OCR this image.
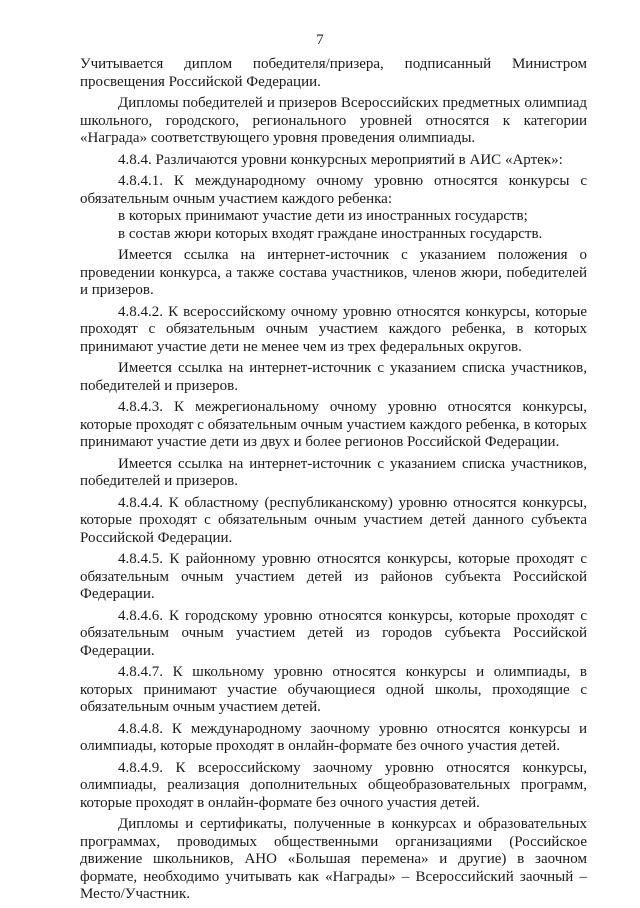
7

Учитывается диплом победителя/призера, подписанный Министром просвещения Российской Федерации.

Дипломы победителей и призеров Всероссийских предметных олимпиад школьного, городского, регионального уровней относятся к категории «Награда» соответствующего уровня проведения олимпиады.

4.8.4. Различаются уровни конкурсных мероприятий в АИС «Артек»:

4.8.4.1. К международному очному уровню относятся конкурсы с обязательным очным участием каждого ребенка:

в которых принимают участие дети из иностранных государств;

в состав жюри которых входят граждане иностранных государств.

Имеется ссылка на интернет-источник с указанием положения о проведении конкурса, а также состава участников, членов жюри, победителей и призеров.

4.8.4.2. К всероссийскому очному уровню относятся конкурсы, которые проходят с обязательным очным участием каждого ребенка, в которых принимают участие дети не менее чем из трех федеральных округов.

Имеется ссылка на интернет-источник с указанием списка участников, победителей и призеров.

4.8.4.3. К межрегиональному очному уровню относятся конкурсы, которые проходят с обязательным очным участием каждого ребенка, в которых принимают участие дети из двух и более регионов Российской Федерации.

Имеется ссылка на интернет-источник с указанием списка участников, победителей и призеров.

4.8.4.4. К областному (республиканскому) уровню относятся конкурсы, которые проходят с обязательным очным участием детей данного субъекта Российской Федерации.

4.8.4.5. К районному уровню относятся конкурсы, которые проходят с обязательным очным участием детей из районов субъекта Российской Федерации.

4.8.4.6. К городскому уровню относятся конкурсы, которые проходят с обязательным очным участием детей из городов субъекта Российской Федерации.

4.8.4.7. К школьному уровню относятся конкурсы и олимпиады, в которых принимают участие обучающиеся одной школы, проходящие с обязательным очным участием детей.

4.8.4.8. К международному заочному уровню относятся конкурсы и олимпиады, которые проходят в онлайн-формате без очного участия детей.

4.8.4.9. К всероссийскому заочному уровню относятся конкурсы, олимпиады, реализация дополнительных общеобразовательных программ, которые проходят в онлайн-формате без очного участия детей.

Дипломы и сертификаты, полученные в конкурсах и образовательных программах, проводимых общественными организациями (Российское движение школьников, АНО «Большая перемена» и другие) в заочном формате, необходимо учитывать как «Награды» – Всероссийский заочный – Место/Участник.
